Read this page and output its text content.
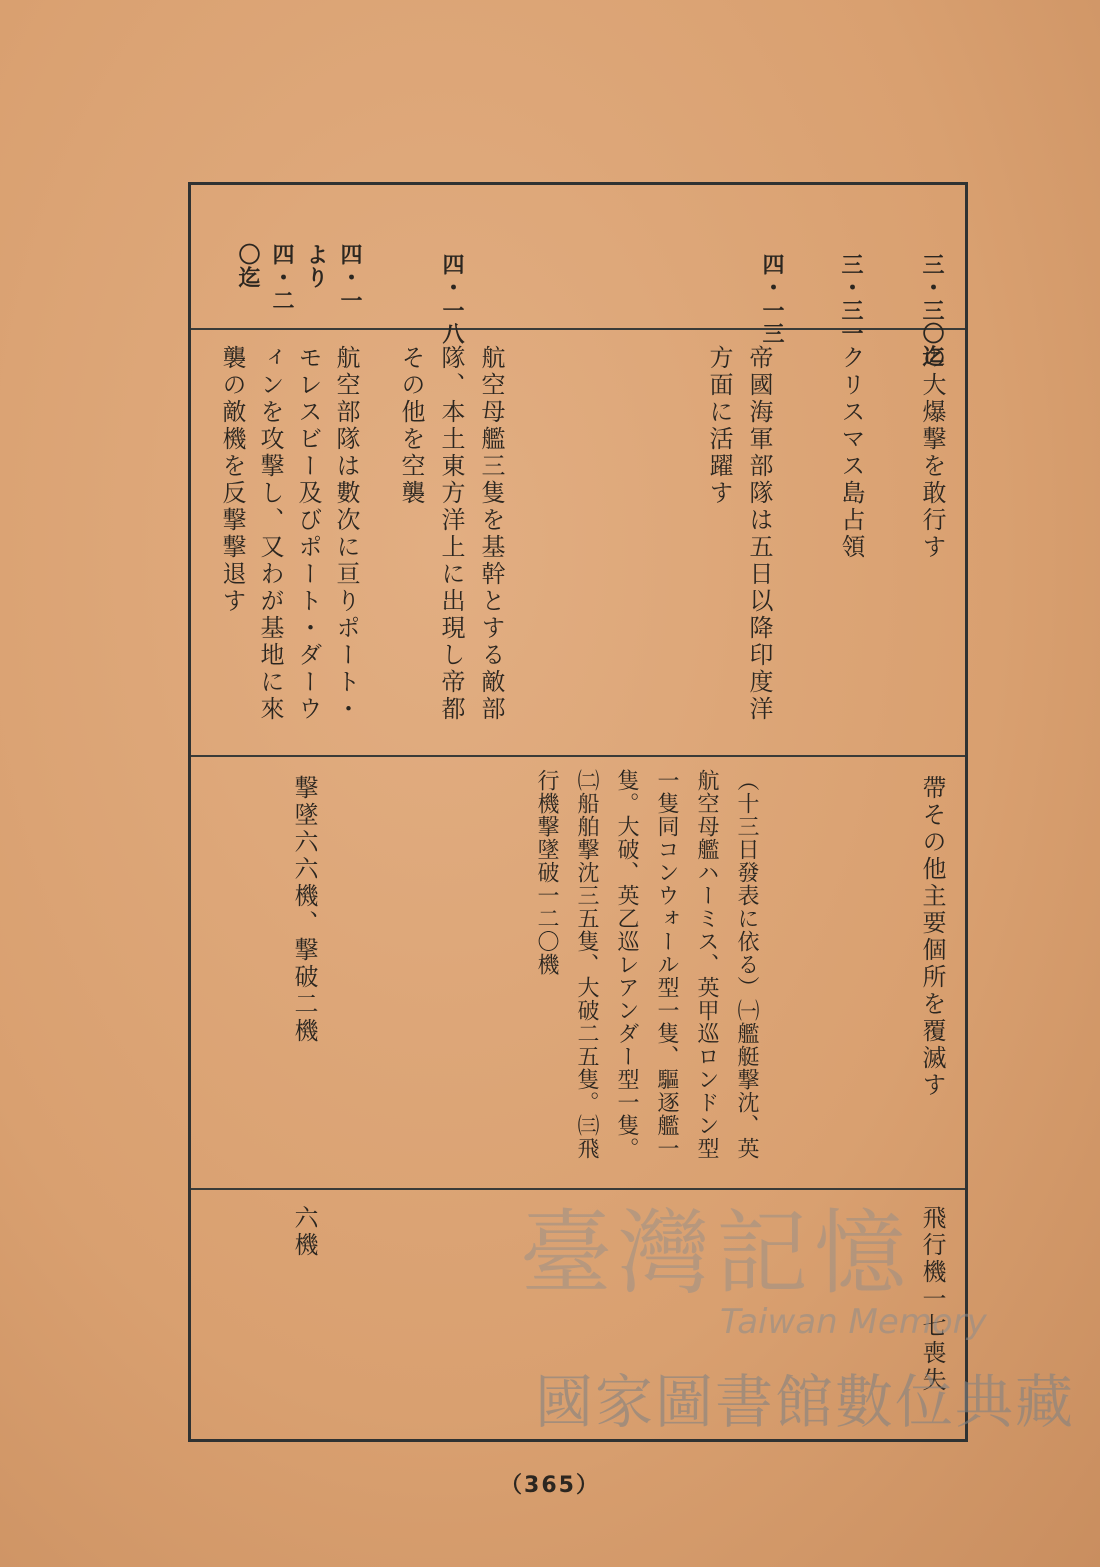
三・三〇迄
の大爆撃を敢行す
帶その他主要個所を覆滅す
飛行機一七喪失
三・三一
クリスマス島占領
四・一三
帝國海軍部隊は五日以降印度洋方面に活躍す
（十三日發表に依る）㈠艦艇撃沈、英航空母艦ハーミス、英甲巡ロンドン型一隻同コンウォール型一隻、驅逐艦一隻。大破、英乙巡レアンダー型一隻。㈡船舶撃沈三五隻、大破二五隻。㈢飛行機撃墜破一二〇機
四・一八
航空母艦三隻を基幹とする敵部隊、本土東方洋上に出現し帝都その他を空襲
四・一より四・二〇迄
航空部隊は數次に亘りポート・モレスビー及びポート・ダーウィンを攻撃し、又わが基地に來襲の敵機を反撃撃退す
撃墜六六機、撃破二機
六機
（365）
臺灣記憶
Taiwan Memory
國家圖書館數位典藏
